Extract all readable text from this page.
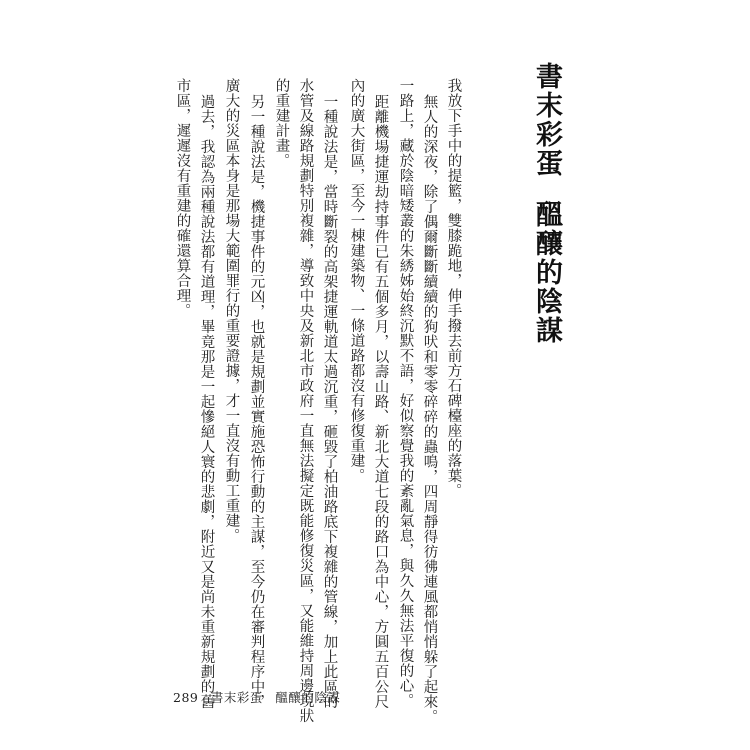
書末彩蛋醞釀的陰謀
我放下手中的提籃，雙膝跪地，伸手撥去前方石碑檯座的落葉。
無人的深夜，除了偶爾斷斷續續的狗吠和零零碎碎的蟲鳴，四周靜得彷彿連風都悄悄躲了起來。
一路上，藏於陰暗矮叢的朱綉姊始終沉默不語，好似察覺我的紊亂氣息，與久久無法平復的心。
距離機場捷運劫持事件已有五個多月，以壽山路、新北大道七段的路口為中心，方圓五百公尺
內的廣大街區，至今一棟建築物、一條道路都沒有修復重建。
一種說法是，當時斷裂的高架捷運軌道太過沉重，砸毀了柏油路底下複雜的管線，加上此區的
水管及線路規劃特別複雜，導致中央及新北市政府一直無法擬定既能修復災區，又能維持周邊現狀
的重建計畫。
另一種說法是，機捷事件的元凶，也就是規劃並實施恐怖行動的主謀，至今仍在審判程序中，
廣大的災區本身是那場大範圍罪行的重要證據，才一直沒有動工重建。
過去，我認為兩種說法都有道理，畢竟那是一起慘絕人寰的悲劇，附近又是尚未重新規劃的舊
市區，遲遲沒有重建的確還算合理。
289 書末彩蛋 醞釀的陰謀
